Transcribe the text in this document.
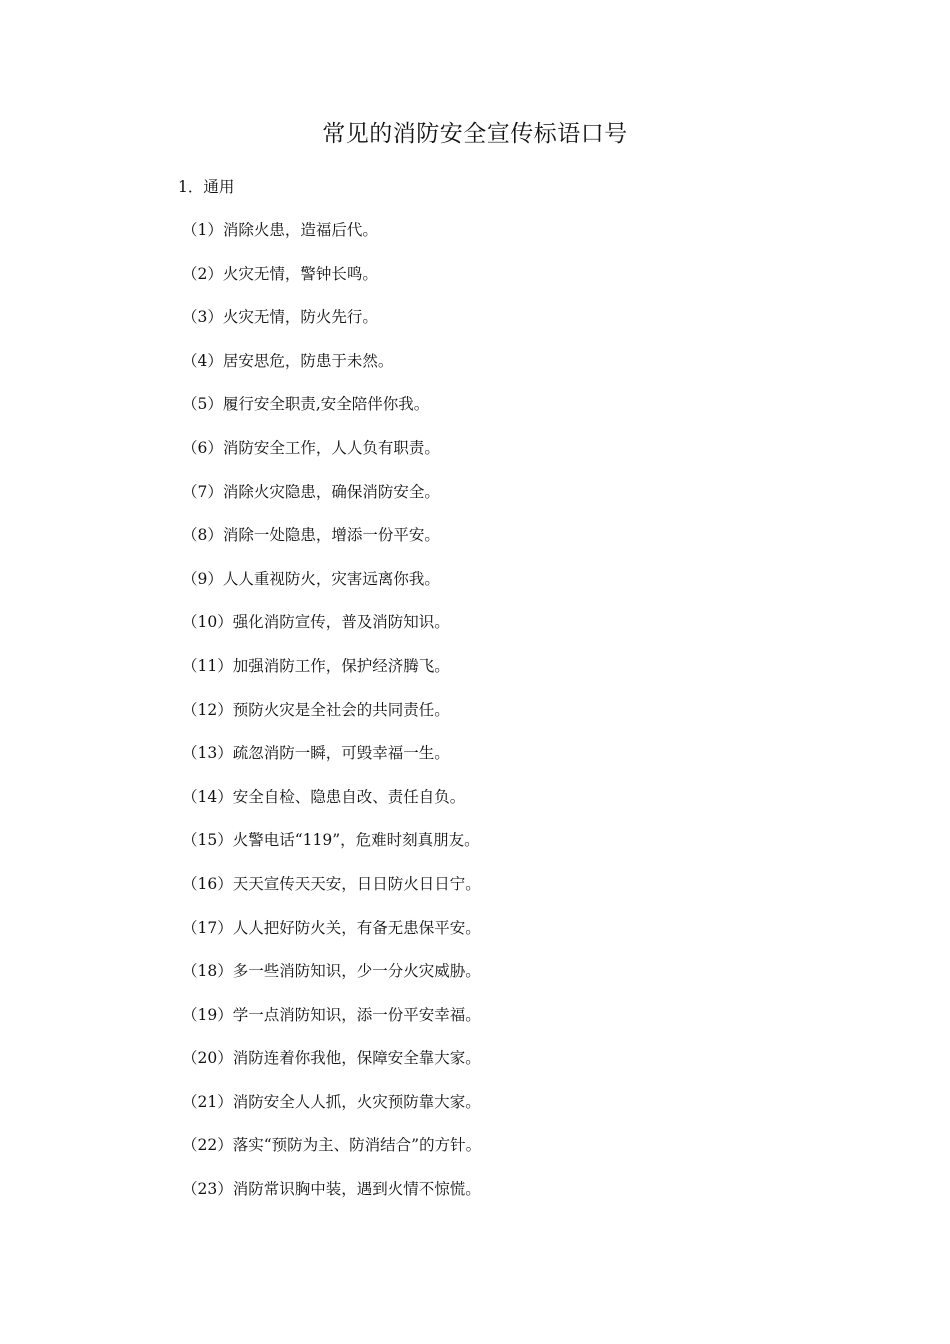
常见的消防安全宣传标语口号
1．通用
（1）消除火患，造福后代。
（2）火灾无情，警钟长鸣。
（3）火灾无情，防火先行。
（4）居安思危，防患于未然。
（5）履行安全职责,安全陪伴你我。
（6）消防安全工作，人人负有职责。
（7）消除火灾隐患，确保消防安全。
（8）消除一处隐患，增添一份平安。
（9）人人重视防火，灾害远离你我。
（10）强化消防宣传，普及消防知识。
（11）加强消防工作，保护经济腾飞。
（12）预防火灾是全社会的共同责任。
（13）疏忽消防一瞬，可毁幸福一生。
（14）安全自检、隐患自改、责任自负。
（15）火警电话“119”，危难时刻真朋友。
（16）天天宣传天天安，日日防火日日宁。
（17）人人把好防火关，有备无患保平安。
（18）多一些消防知识，少一分火灾威胁。
（19）学一点消防知识，添一份平安幸福。
（20）消防连着你我他，保障安全靠大家。
（21）消防安全人人抓，火灾预防靠大家。
（22）落实“预防为主、防消结合”的方针。
（23）消防常识胸中装，遇到火情不惊慌。
